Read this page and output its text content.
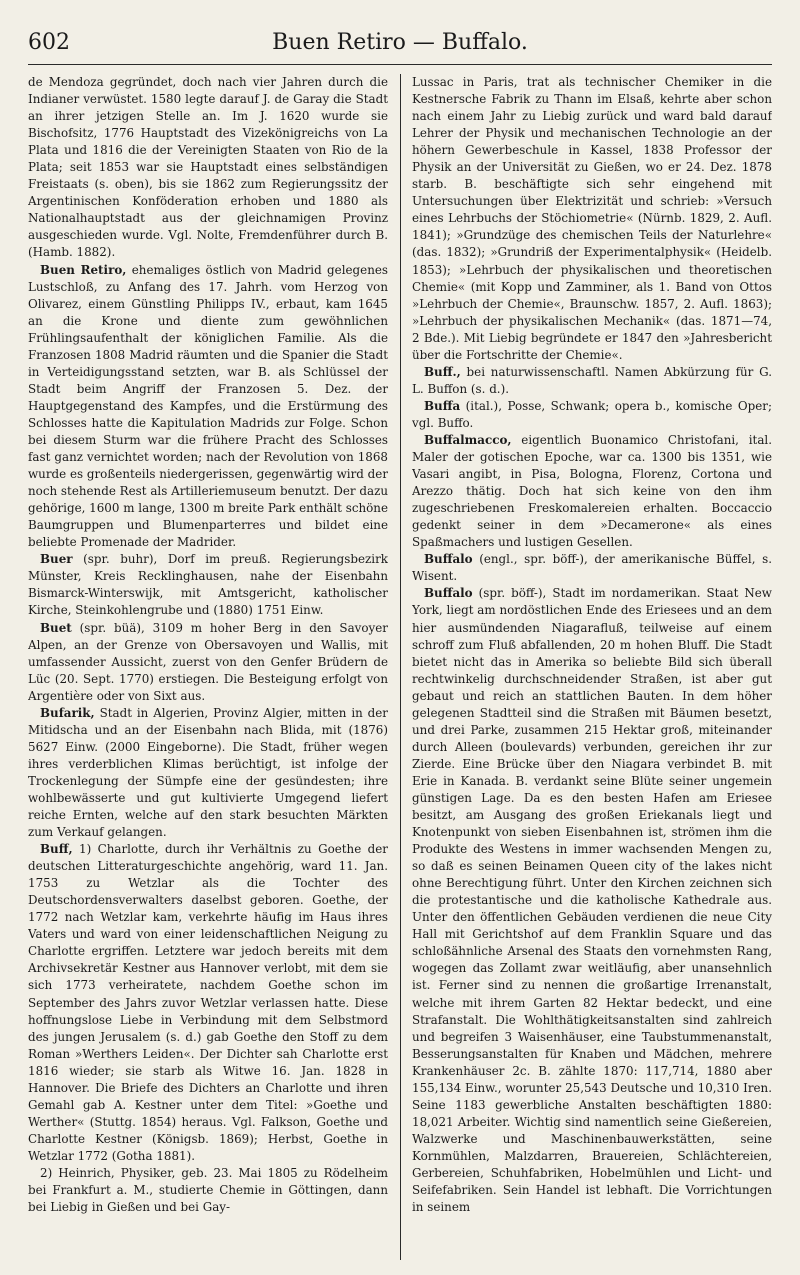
602	Buen Retiro — Buffalo.

de Mendoza gegründet, doch nach vier Jahren durch die Indianer verwüstet. 1580 legte darauf J. de Garay die Stadt an ihrer jetzigen Stelle an. Im J. 1620 wurde sie Bischofsitz, 1776 Hauptstadt des Vizekönigreichs von La Plata und 1816 die der Vereinigten Staaten von Rio de la Plata; seit 1853 war sie Hauptstadt eines selbständigen Freistaats (s. oben), bis sie 1862 zum Regierungssitz der Argentinischen Konföderation erhoben und 1880 als Nationalhauptstadt aus der gleichnamigen Provinz ausgeschieden wurde. Vgl. Nolte, Fremdenführer durch B. (Hamb. 1882).

Buen Retiro, ehemaliges östlich von Madrid gelegenes Lustschloß, zu Anfang des 17. Jahrh. vom Herzog von Olivarez, einem Günstling Philipps IV., erbaut, kam 1645 an die Krone und diente zum gewöhnlichen Frühlingsaufenthalt der königlichen Familie. Als die Franzosen 1808 Madrid räumten und die Spanier die Stadt in Verteidigungsstand setzten, war B. als Schlüssel der Stadt beim Angriff der Franzosen 5. Dez. der Hauptgegenstand des Kampfes, und die Erstürmung des Schlosses hatte die Kapitulation Madrids zur Folge. Schon bei diesem Sturm war die frühere Pracht des Schlosses fast ganz vernichtet worden; nach der Revolution von 1868 wurde es großenteils niedergerissen, gegenwärtig wird der noch stehende Rest als Artilleriemuseum benutzt. Der dazu gehörige, 1600 m lange, 1300 m breite Park enthält schöne Baumgruppen und Blumenparterres und bildet eine beliebte Promenade der Madrider.

Buer (spr. buhr), Dorf im preuß. Regierungsbezirk Münster, Kreis Recklinghausen, nahe der Eisenbahn Bismarck-Winterswijk, mit Amtsgericht, katholischer Kirche, Steinkohlengrube und (1880) 1751 Einw.

Buet (spr. büä), 3109 m hoher Berg in den Savoyer Alpen, an der Grenze von Obersavoyen und Wallis, mit umfassender Aussicht, zuerst von den Genfer Brüdern de Lüc (20. Sept. 1770) erstiegen. Die Besteigung erfolgt von Argentière oder von Sixt aus.

Bufarik, Stadt in Algerien, Provinz Algier, mitten in der Mitidscha und an der Eisenbahn nach Blida, mit (1876) 5627 Einw. (2000 Eingeborne). Die Stadt, früher wegen ihres verderblichen Klimas berüchtigt, ist infolge der Trockenlegung der Sümpfe eine der gesündesten; ihre wohlbewässerte und gut kultivierte Umgegend liefert reiche Ernten, welche auf den stark besuchten Märkten zum Verkauf gelangen.

Buff, 1) Charlotte, durch ihr Verhältnis zu Goethe der deutschen Litteraturgeschichte angehörig, ward 11. Jan. 1753 zu Wetzlar als die Tochter des Deutschordensverwalters daselbst geboren. Goethe, der 1772 nach Wetzlar kam, verkehrte häufig im Haus ihres Vaters und ward von einer leidenschaftlichen Neigung zu Charlotte ergriffen. Letztere war jedoch bereits mit dem Archivsekretär Kestner aus Hannover verlobt, mit dem sie sich 1773 verheiratete, nachdem Goethe schon im September des Jahrs zuvor Wetzlar verlassen hatte. Diese hoffnungslose Liebe in Verbindung mit dem Selbstmord des jungen Jerusalem (s. d.) gab Goethe den Stoff zu dem Roman »Werthers Leiden«. Der Dichter sah Charlotte erst 1816 wieder; sie starb als Witwe 16. Jan. 1828 in Hannover. Die Briefe des Dichters an Charlotte und ihren Gemahl gab A. Kestner unter dem Titel: »Goethe und Werther« (Stuttg. 1854) heraus. Vgl. Falkson, Goethe und Charlotte Kestner (Königsb. 1869); Herbst, Goethe in Wetzlar 1772 (Gotha 1881).

2) Heinrich, Physiker, geb. 23. Mai 1805 zu Rödelheim bei Frankfurt a. M., studierte Chemie in Göttingen, dann bei Liebig in Gießen und bei Gay-

Lussac in Paris, trat als technischer Chemiker in die Kestnersche Fabrik zu Thann im Elsaß, kehrte aber schon nach einem Jahr zu Liebig zurück und ward bald darauf Lehrer der Physik und mechanischen Technologie an der höhern Gewerbeschule in Kassel, 1838 Professor der Physik an der Universität zu Gießen, wo er 24. Dez. 1878 starb. B. beschäftigte sich sehr eingehend mit Untersuchungen über Elektrizität und schrieb: »Versuch eines Lehrbuchs der Stöchiometrie« (Nürnb. 1829, 2. Aufl. 1841); »Grundzüge des chemischen Teils der Naturlehre« (das. 1832); »Grundriß der Experimentalphysik« (Heidelb. 1853); »Lehrbuch der physikalischen und theoretischen Chemie« (mit Kopp und Zamminer, als 1. Band von Ottos »Lehrbuch der Chemie«, Braunschw. 1857, 2. Aufl. 1863); »Lehrbuch der physikalischen Mechanik« (das. 1871—74, 2 Bde.). Mit Liebig begründete er 1847 den »Jahresbericht über die Fortschritte der Chemie«.

Buff., bei naturwissenschaftl. Namen Abkürzung für G. L. Buffon (s. d.).

Buffa (ital.), Posse, Schwank; opera b., komische Oper; vgl. Buffo.

Buffalmacco, eigentlich Buonamico Christofani, ital. Maler der gotischen Epoche, war ca. 1300 bis 1351, wie Vasari angibt, in Pisa, Bologna, Florenz, Cortona und Arezzo thätig. Doch hat sich keine von den ihm zugeschriebenen Freskomalereien erhalten. Boccaccio gedenkt seiner in dem »Decamerone« als eines Spaßmachers und lustigen Gesellen.

Buffalo (engl., spr. böff-), der amerikanische Büffel, s. Wisent.

Buffalo (spr. böff-), Stadt im nordamerikan. Staat New York, liegt am nordöstlichen Ende des Eriesees und an dem hier ausmündenden Niagarafluß, teilweise auf einem schroff zum Fluß abfallenden, 20 m hohen Bluff. Die Stadt bietet nicht das in Amerika so beliebte Bild sich überall rechtwinkelig durchschneidender Straßen, ist aber gut gebaut und reich an stattlichen Bauten. In dem höher gelegenen Stadtteil sind die Straßen mit Bäumen besetzt, und drei Parke, zusammen 215 Hektar groß, miteinander durch Alleen (boulevards) verbunden, gereichen ihr zur Zierde. Eine Brücke über den Niagara verbindet B. mit Erie in Kanada. B. verdankt seine Blüte seiner ungemein günstigen Lage. Da es den besten Hafen am Eriesee besitzt, am Ausgang des großen Eriekanals liegt und Knotenpunkt von sieben Eisenbahnen ist, strömen ihm die Produkte des Westens in immer wachsenden Mengen zu, so daß es seinen Beinamen Queen city of the lakes nicht ohne Berechtigung führt. Unter den Kirchen zeichnen sich die protestantische und die katholische Kathedrale aus. Unter den öffentlichen Gebäuden verdienen die neue City Hall mit Gerichtshof auf dem Franklin Square und das schloßähnliche Arsenal des Staats den vornehmsten Rang, wogegen das Zollamt zwar weitläufig, aber unansehnlich ist. Ferner sind zu nennen die großartige Irrenanstalt, welche mit ihrem Garten 82 Hektar bedeckt, und eine Strafanstalt. Die Wohlthätigkeitsanstalten sind zahlreich und begreifen 3 Waisenhäuser, eine Taubstummenanstalt, Besserungsanstalten für Knaben und Mädchen, mehrere Krankenhäuser 2c. B. zählte 1870: 117,714, 1880 aber 155,134 Einw., worunter 25,543 Deutsche und 10,310 Iren. Seine 1183 gewerbliche Anstalten beschäftigten 1880: 18,021 Arbeiter. Wichtig sind namentlich seine Gießereien, Walzwerke und Maschinenbauwerkstätten, seine Kornmühlen, Malzdarren, Brauereien, Schlächtereien, Gerbereien, Schuhfabriken, Hobelmühlen und Licht- und Seifefabriken. Sein Handel ist lebhaft. Die Vorrichtungen in seinem
